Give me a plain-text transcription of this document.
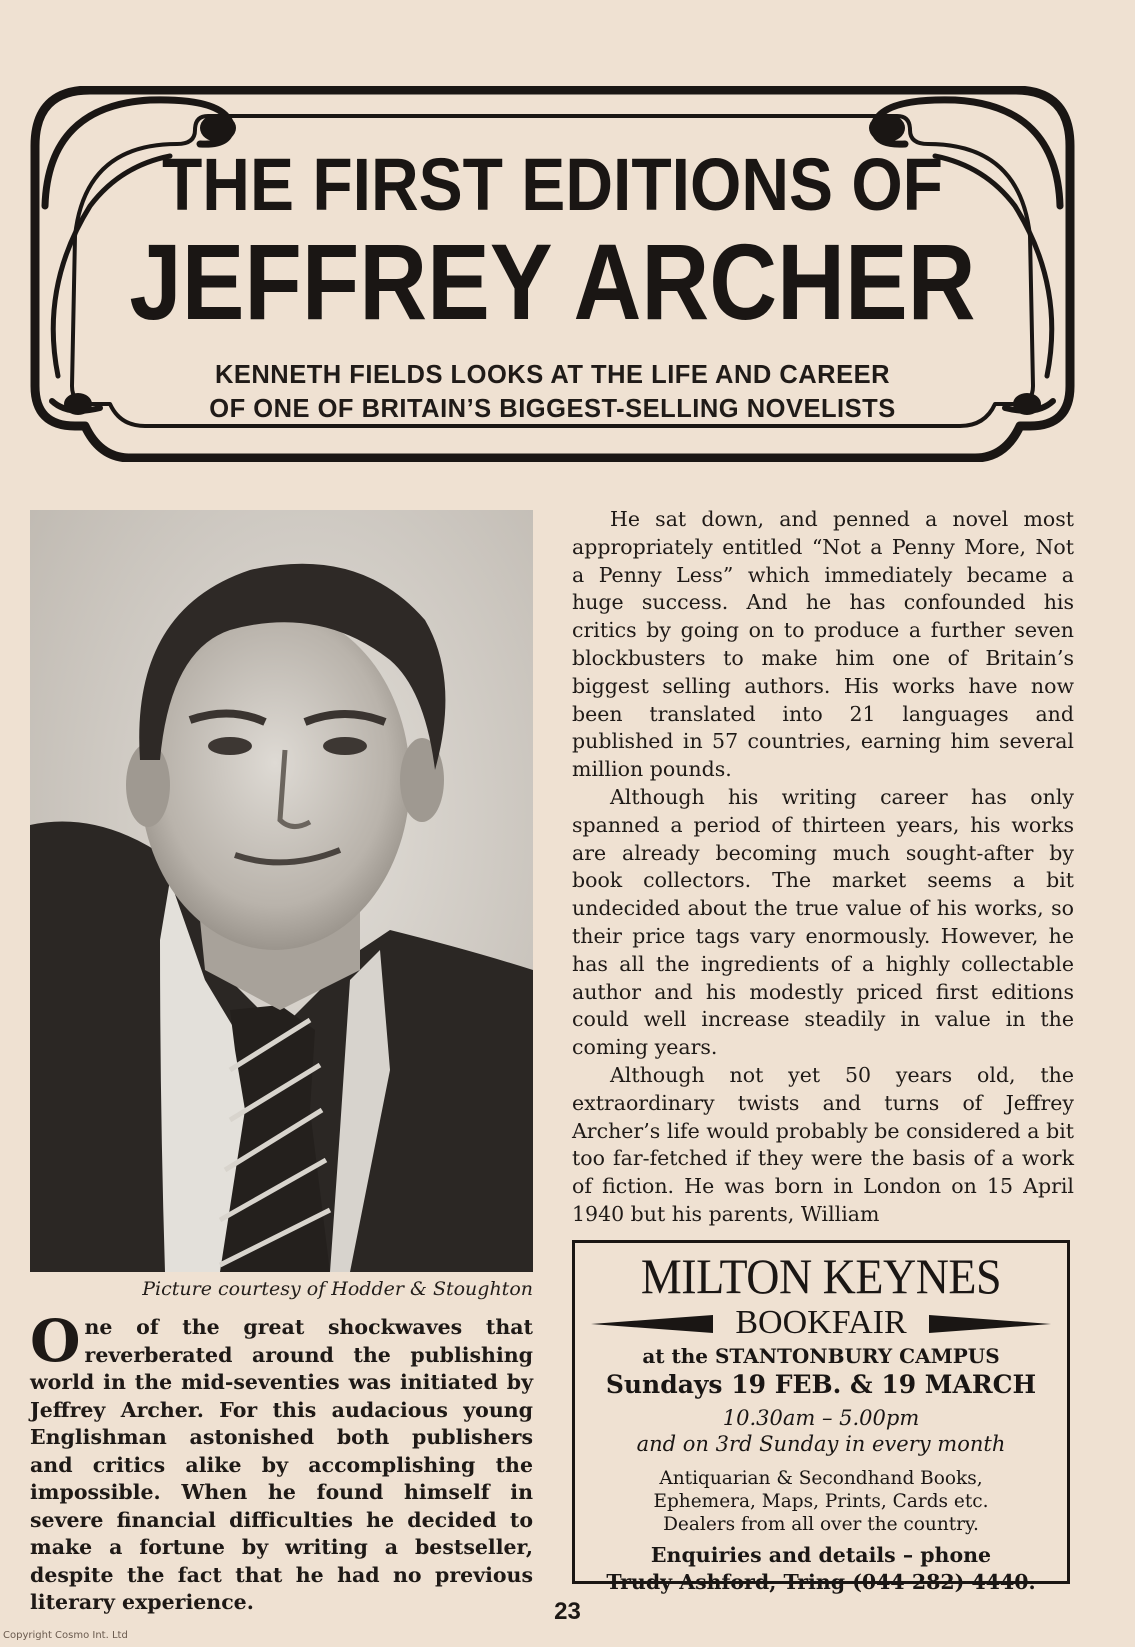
THE FIRST EDITIONS OF
JEFFREY ARCHER
KENNETH FIELDS LOOKS AT THE LIFE AND CAREER
OF ONE OF BRITAIN’S BIGGEST-SELLING NOVELISTS
Picture courtesy of Hodder & Stoughton
One of the great shockwaves that reverberated around the publishing world in the mid-seventies was initiated by Jeffrey Archer. For this audacious young Englishman astonished both publishers and critics alike by accomplishing the impossible. When he found himself in severe financial difficulties he decided to make a fortune by writing a bestseller, despite the fact that he had no previous literary experience.

He sat down, and penned a novel most appropriately entitled “Not a Penny More, Not a Penny Less” which immediately became a huge success. And he has confounded his critics by going on to produce a further seven blockbusters to make him one of Britain’s biggest selling authors. His works have now been translated into 21 languages and published in 57 countries, earning him several million pounds.

Although his writing career has only spanned a period of thirteen years, his works are already becoming much sought-after by book collectors. The market seems a bit undecided about the true value of his works, so their price tags vary enormously. However, he has all the ingredients of a highly collectable author and his modestly priced first editions could well increase steadily in value in the coming years.

Although not yet 50 years old, the extraordinary twists and turns of Jeffrey Archer’s life would probably be considered a bit too far-fetched if they were the basis of a work of fiction. He was born in London on 15 April 1940 but his parents, William

MILTON KEYNES
BOOKFAIR
at the STANTONBURY CAMPUS
Sundays 19 FEB. & 19 MARCH
10.30am – 5.00pm
and on 3rd Sunday in every month
Antiquarian & Secondhand Books,
Ephemera, Maps, Prints, Cards etc.
Dealers from all over the country.
Enquiries and details – phone
Trudy Ashford, Tring (044 282) 4440.
23
Copyright Cosmo Int. Ltd
